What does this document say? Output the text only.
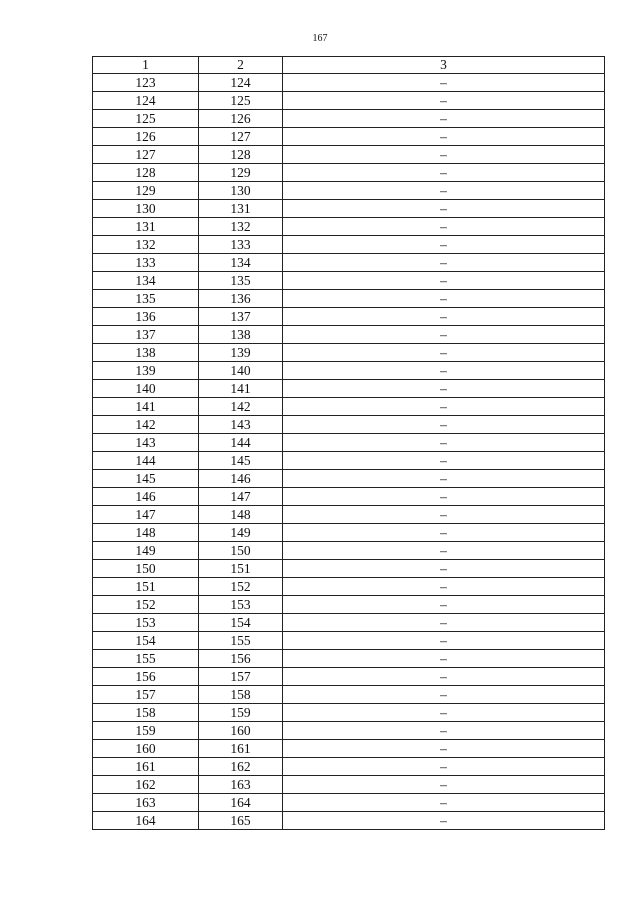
167
1	2	3
123	124	–
124	125	–
125	126	–
126	127	–
127	128	–
128	129	–
129	130	–
130	131	–
131	132	–
132	133	–
133	134	–
134	135	–
135	136	–
136	137	–
137	138	–
138	139	–
139	140	–
140	141	–
141	142	–
142	143	–
143	144	–
144	145	–
145	146	–
146	147	–
147	148	–
148	149	–
149	150	–
150	151	–
151	152	–
152	153	–
153	154	–
154	155	–
155	156	–
156	157	–
157	158	–
158	159	–
159	160	–
160	161	–
161	162	–
162	163	–
163	164	–
164	165	–
